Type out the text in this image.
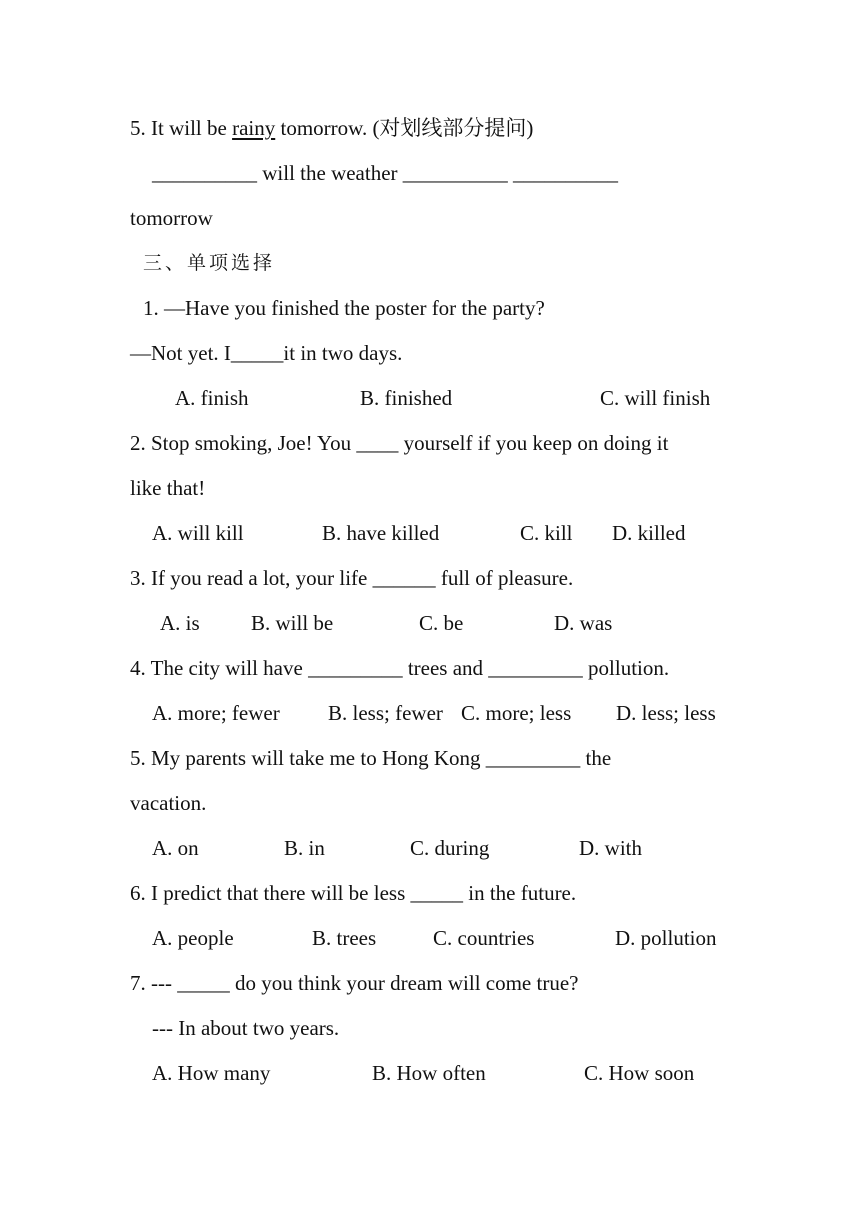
5. It will be rainy tomorrow. (对划线部分提问)
__________ will the weather __________ __________
tomorrow
三、单项选择
1. —Have you finished the poster for the party?
—Not yet. I_____it in two days.
A. finish	B. finished	C. will finish
2. Stop smoking, Joe! You ____ yourself if you keep on doing it
like that!
A. will kill	B. have killed	C. kill D. killed
3. If you read a lot, your life ______ full of pleasure.
A. is B. will be	C. be	D. was
4. The city will have _________ trees and _________ pollution.
A. more; fewer B. less; fewer C. more; less D. less; less
5. My parents will take me to Hong Kong _________ the
vacation.
A. on	B. in	C. during	D. with
6. I predict that there will be less _____ in the future.
A. people	B. trees	C. countries	D. pollution
7. --- _____ do you think your dream will come true?
--- In about two years.
A. How many	B. How often	C. How soon
